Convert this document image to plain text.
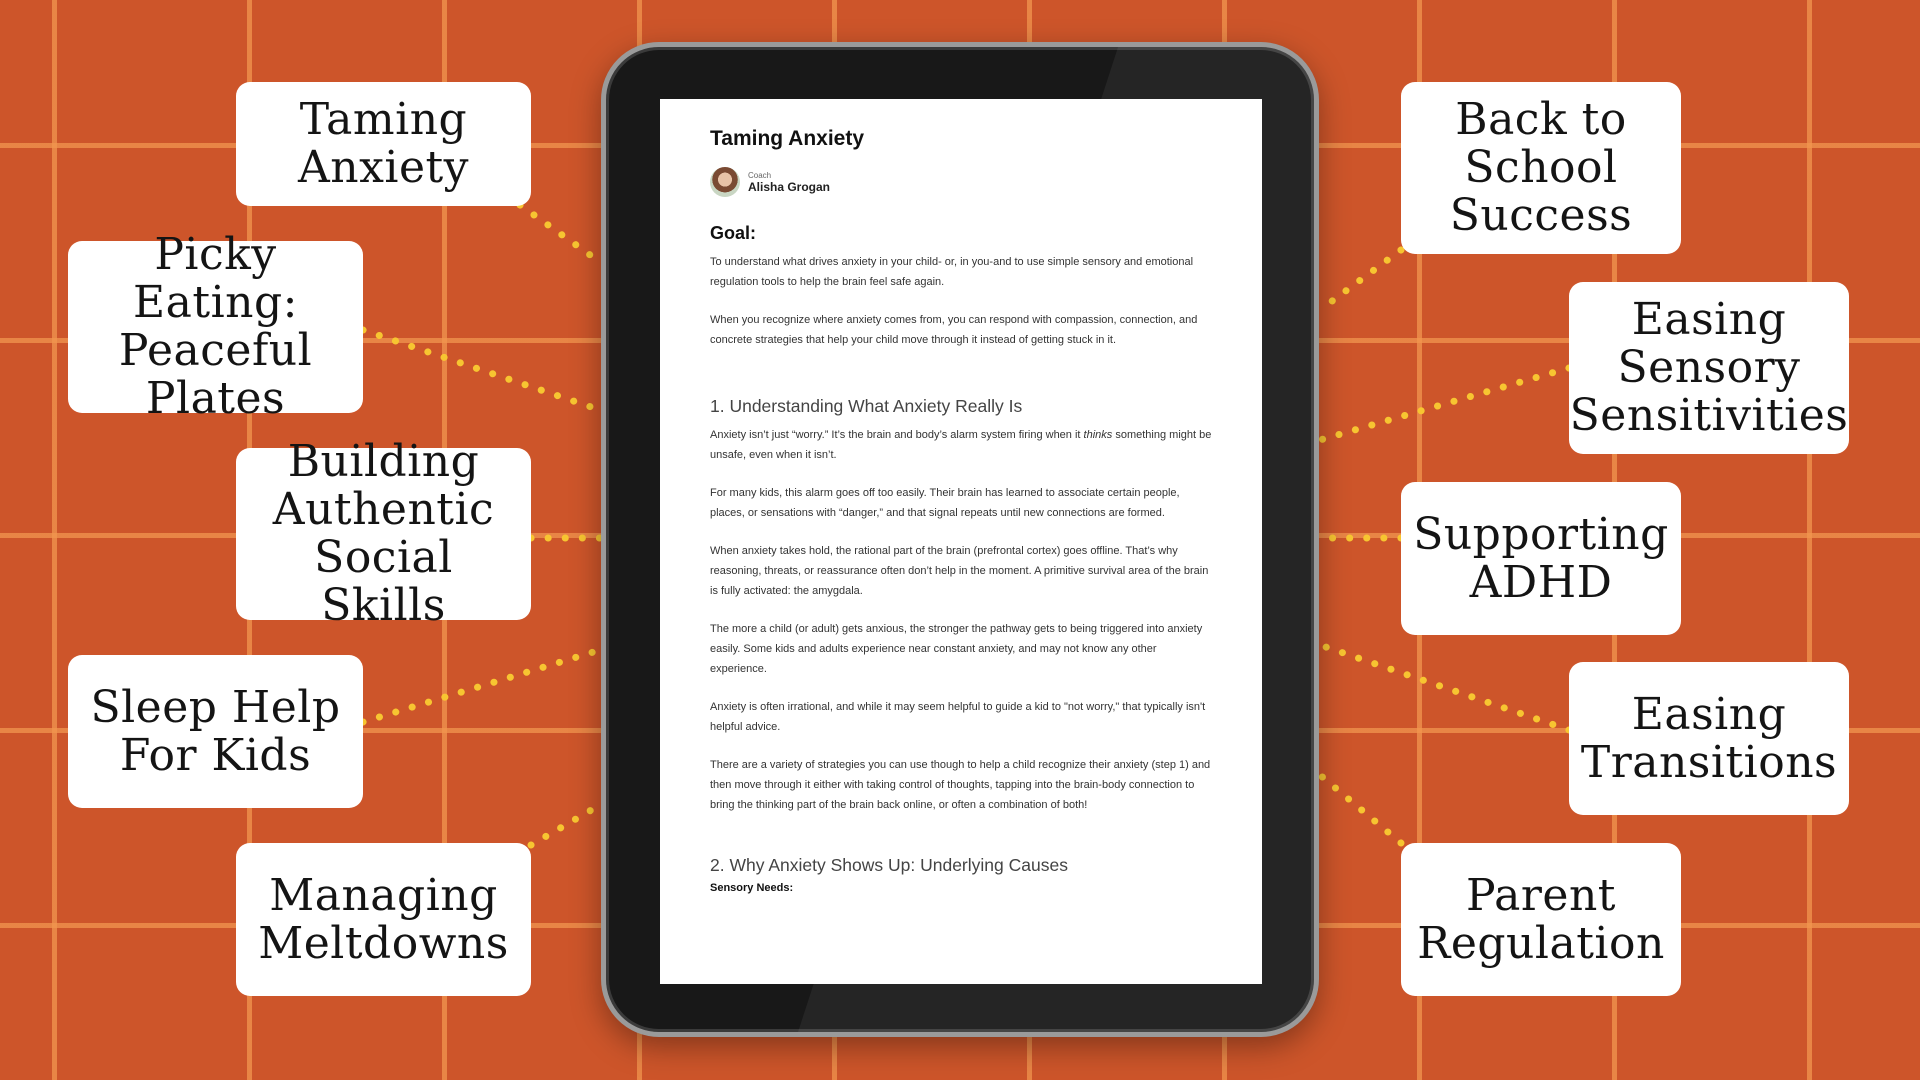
Taming
Anxiety
Picky Eating:
Peaceful
Plates
Building
Authentic
Social Skills
Sleep Help
For Kids
Managing
Meltdowns
Back to
School
Success
Easing
Sensory
Sensitivities
Supporting
ADHD
Easing
Transitions
Parent
Regulation
Taming Anxiety
Coach
Alisha Grogan
Goal:

To understand what drives anxiety in your child- or, in you-and to use simple sensory and emotional regulation tools to help the brain feel safe again.

When you recognize where anxiety comes from, you can respond with compassion, connection, and concrete strategies that help your child move through it instead of getting stuck in it.

1. Understanding What Anxiety Really Is

Anxiety isn’t just “worry.” It’s the brain and body’s alarm system firing when it thinks something might be unsafe, even when it isn’t.

For many kids, this alarm goes off too easily. Their brain has learned to associate certain people, places, or sensations with “danger,” and that signal repeats until new connections are formed.

When anxiety takes hold, the rational part of the brain (prefrontal cortex) goes offline. That’s why reasoning, threats, or reassurance often don’t help in the moment. A primitive survival area of the brain is fully activated: the amygdala.

The more a child (or adult) gets anxious, the stronger the pathway gets to being triggered into anxiety easily. Some kids and adults experience near constant anxiety, and may not know any other experience.

Anxiety is often irrational, and while it may seem helpful to guide a kid to "not worry," that typically isn't helpful advice.

There are a variety of strategies you can use though to help a child recognize their anxiety (step 1) and then move through it either with taking control of thoughts, tapping into the brain-body connection to bring the thinking part of the brain back online, or often a combination of both!

2. Why Anxiety Shows Up: Underlying Causes
Sensory Needs:
